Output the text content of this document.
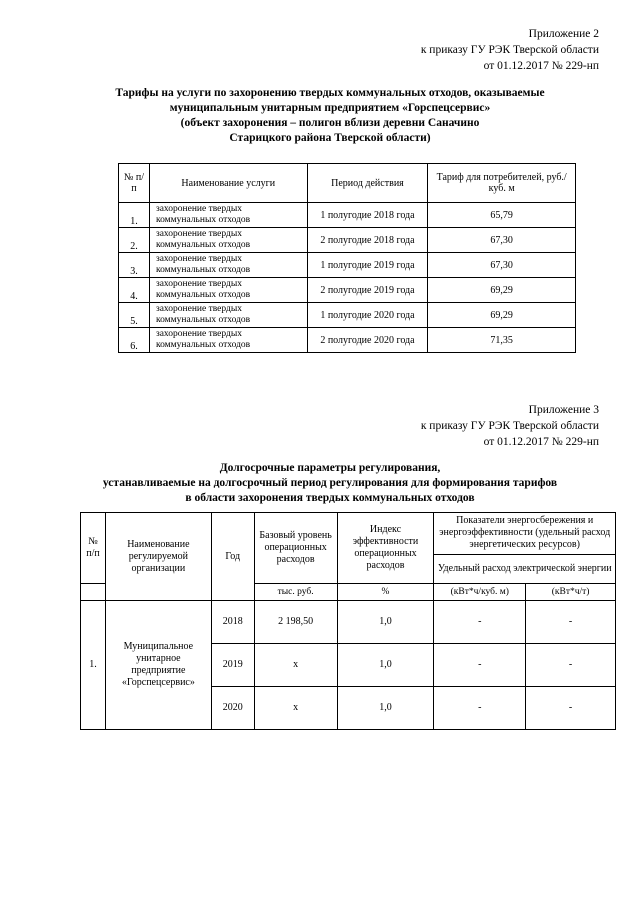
Приложение 2
к приказу ГУ РЭК Тверской области
от 01.12.2017 № 229-нп
Тарифы на услуги по захоронению твердых коммунальных отходов, оказываемые
муниципальным унитарным предприятием «Горспецсервис»
(объект захоронения – полигон вблизи деревни Саначино
Старицкого района Тверской области)
№ п/п	Наименование услуги	Период действия	Тариф для потребителей, руб./куб. м
1.	захоронение твердых коммунальных отходов	1 полугодие 2018 года	65,79
2.	захоронение твердых коммунальных отходов	2 полугодие 2018 года	67,30
3.	захоронение твердых коммунальных отходов	1 полугодие 2019 года	67,30
4.	захоронение твердых коммунальных отходов	2 полугодие 2019 года	69,29
5.	захоронение твердых коммунальных отходов	1 полугодие 2020 года	69,29
6.	захоронение твердых коммунальных отходов	2 полугодие 2020 года	71,35
Приложение 3
к приказу ГУ РЭК Тверской области
от 01.12.2017 № 229-нп
Долгосрочные параметры регулирования,
устанавливаемые на долгосрочный период регулирования для формирования тарифов
в области захоронения твердых коммунальных отходов
№ п/п	Наименование регулируемой организации	Год	Базовый уровень операционных расходов	Индекс эффективности операционных расходов	Показатели энергосбережения и энергоэффективности (удельный расход энергетических ресурсов)	
					Удельный расход электрической энергии	
			тыс. руб.	%	(кВт*ч/куб. м)	(кВт*ч/т)
1.	Муниципальное унитарное предприятие «Горспецсервис»	2018	2 198,50	1,0	-	-
		2019	х	1,0	-	-
		2020	х	1,0	-	-
